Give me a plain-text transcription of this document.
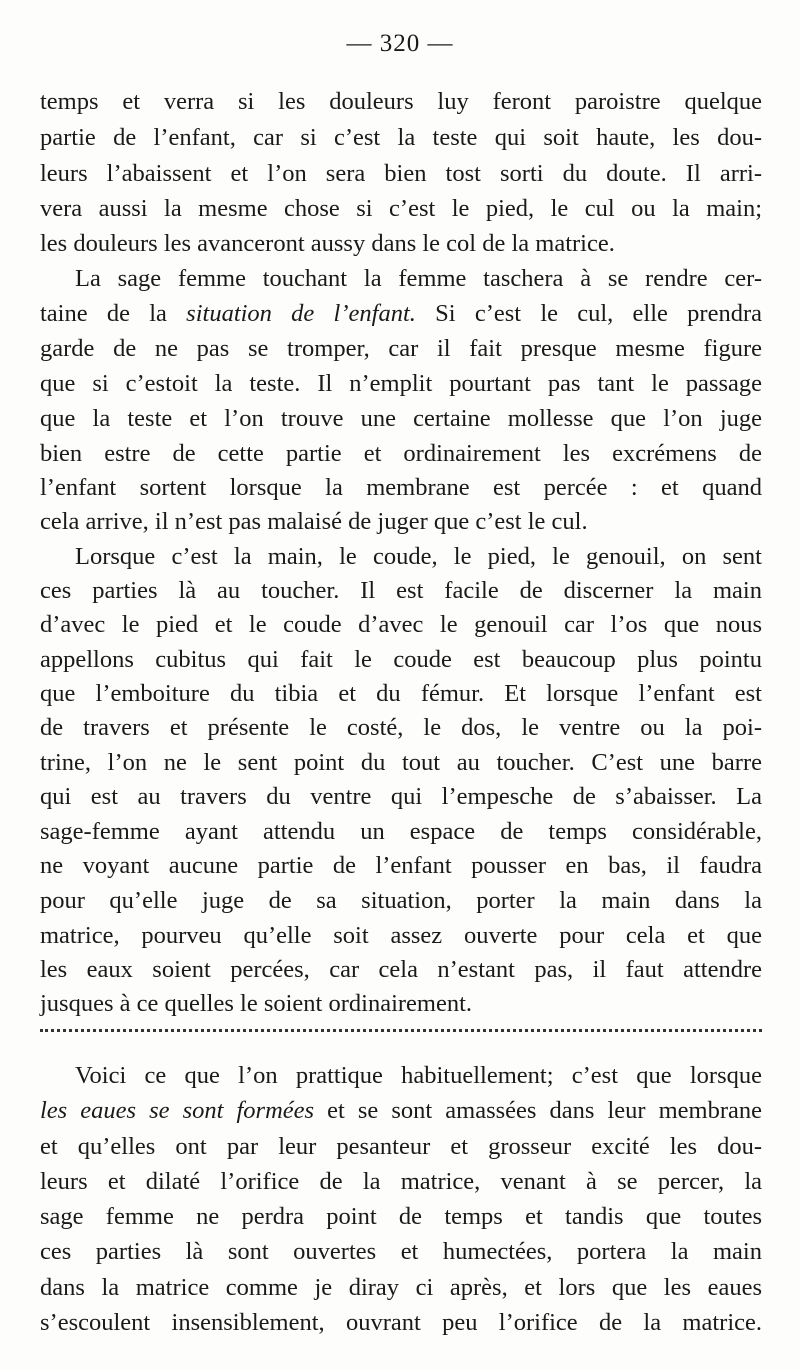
— 320 —
temps et verra si les douleurs luy feront paroistre quelque
partie de l’enfant, car si c’est la teste qui soit haute, les dou-
leurs l’abaissent et l’on sera bien tost sorti du doute. Il arri-
vera aussi la mesme chose si c’est le pied, le cul ou la main;
les douleurs les avanceront aussy dans le col de la matrice.
La sage femme touchant la femme taschera à se rendre cer-
taine de la situation de l’enfant. Si c’est le cul, elle prendra
garde de ne pas se tromper, car il fait presque mesme figure
que si c’estoit la teste. Il n’emplit pourtant pas tant le passage
que la teste et l’on trouve une certaine mollesse que l’on juge
bien estre de cette partie et ordinairement les excrémens de
l’enfant sortent lorsque la membrane est percée : et quand
cela arrive, il n’est pas malaisé de juger que c’est le cul.
Lorsque c’est la main, le coude, le pied, le genouil, on sent
ces parties là au toucher. Il est facile de discerner la main
d’avec le pied et le coude d’avec le genouil car l’os que nous
appellons cubitus qui fait le coude est beaucoup plus pointu
que l’emboiture du tibia et du fémur. Et lorsque l’enfant est
de travers et présente le costé, le dos, le ventre ou la poi-
trine, l’on ne le sent point du tout au toucher. C’est une barre
qui est au travers du ventre qui l’empesche de s’abaisser. La
sage-femme ayant attendu un espace de temps considérable,
ne voyant aucune partie de l’enfant pousser en bas, il faudra
pour qu’elle juge de sa situation, porter la main dans la
matrice, pourveu qu’elle soit assez ouverte pour cela et que
les eaux soient percées, car cela n’estant pas, il faut attendre
jusques à ce quelles le soient ordinairement.
Voici ce que l’on prattique habituellement; c’est que lorsque
les eaues se sont formées et se sont amassées dans leur membrane
et qu’elles ont par leur pesanteur et grosseur excité les dou-
leurs et dilaté l’orifice de la matrice, venant à se percer, la
sage femme ne perdra point de temps et tandis que toutes
ces parties là sont ouvertes et humectées, portera la main
dans la matrice comme je diray ci après, et lors que les eaues
s’escoulent insensiblement, ouvrant peu l’orifice de la matrice.
